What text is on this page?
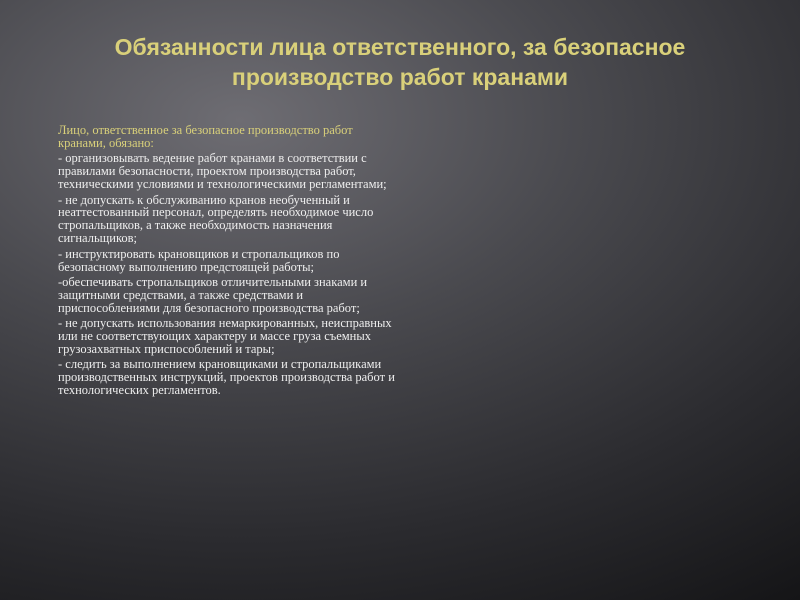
Обязанности лица ответственного, за безопасное
производство работ кранами
Лицо, ответственное за безопасное производство работ кранами, обязано:
- организовывать ведение работ кранами в соответствии с правилами безопасности, проектом производства работ, техническими условиями и технологическими регламентами;
- не допускать к обслуживанию кранов необученный и неаттестованный персонал, определять необходимое число стропальщиков, а также необходимость назначения сигнальщиков;
- инструктировать крановщиков и стропальщиков по безопасному выполнению предстоящей работы;
-обеспечивать стропальщиков отличительными знаками и защитными средствами, а также средствами и приспособлениями для безопасного производства работ;
- не допускать использования немаркированных, неисправных или не соответствующих характеру и массе груза съемных грузозахватных приспособлений и тары;
- следить за выполнением крановщиками и стропальщиками производственных инструкций, проектов производства работ и технологических регламентов.
